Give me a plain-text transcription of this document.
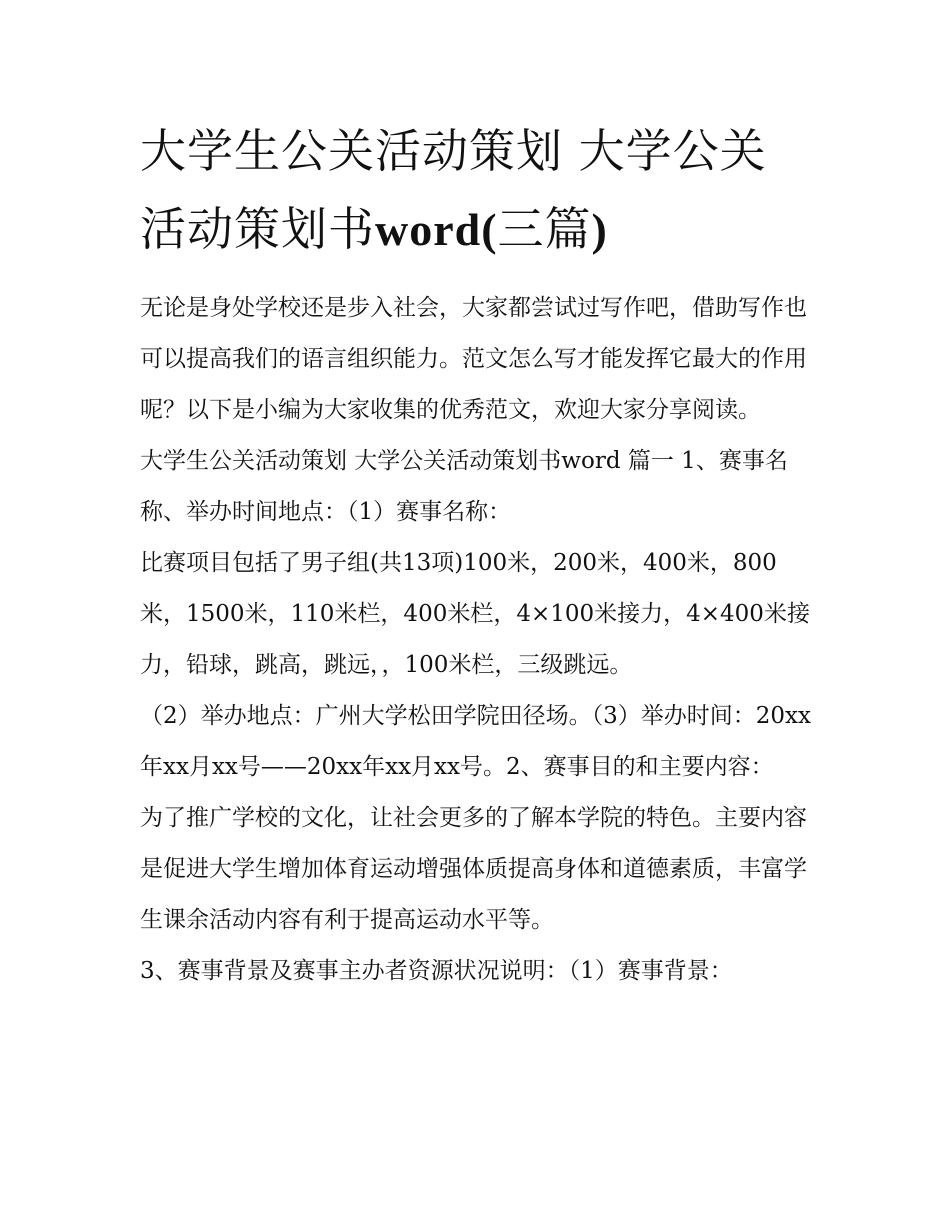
大学生公关活动策划 大学公关活动策划书word(三篇)

无论是身处学校还是步入社会，大家都尝试过写作吧，借助写作也可以提高我们的语言组织能力。范文怎么写才能发挥它最大的作用呢？以下是小编为大家收集的优秀范文，欢迎大家分享阅读。

大学生公关活动策划 大学公关活动策划书word 篇一 1、赛事名称、举办时间地点：（1）赛事名称：

比赛项目包括了男子组(共13项)100米，200米，400米，800米，1500米，110米栏，400米栏，4×100米接力，4×400米接力，铅球，跳高，跳远，，100米栏，三级跳远。

（2）举办地点：广州大学松田学院田径场。（3）举办时间：20xx年xx月xx号——20xx年xx月xx号。2、赛事目的和主要内容：

为了推广学校的文化，让社会更多的了解本学院的特色。主要内容是促进大学生增加体育运动增强体质提高身体和道德素质，丰富学生课余活动内容有利于提高运动水平等。

3、赛事背景及赛事主办者资源状况说明：（1）赛事背景：
